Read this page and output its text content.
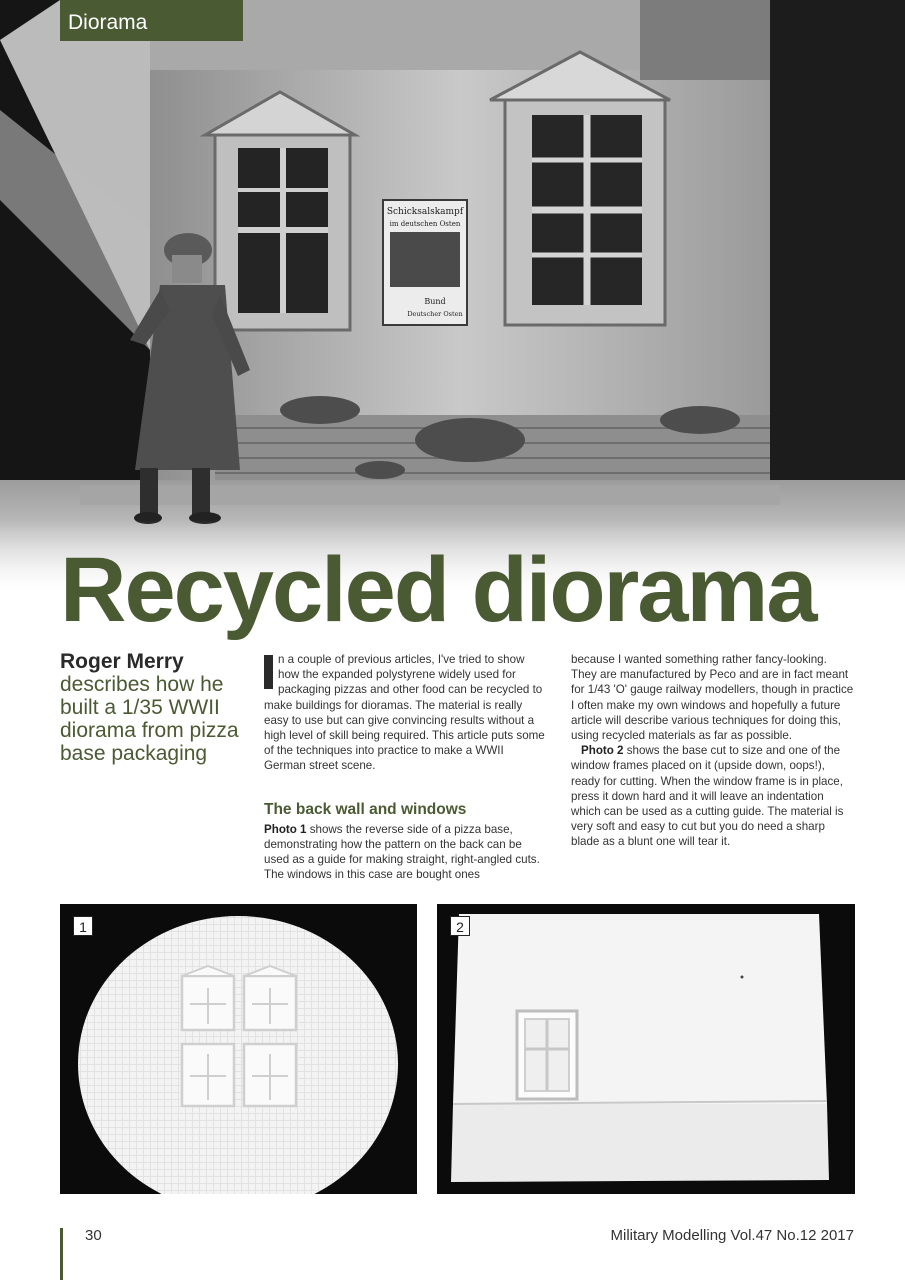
Schicksalskampf
im deutschen Osten
Bund
Deutscher Osten
Diorama
Recycled diorama
Roger Merry
describes how he built a 1/35 WWII diorama from pizza base packaging

n a couple of previous articles, I've tried to show how the expanded polystyrene widely used for packaging pizzas and other food can be recycled to make buildings for dioramas. The material is really easy to use but can give convincing results without a high level of skill being required. This article puts some of the techniques into practice to make a WWII German street scene.

The back wall and windows

Photo 1 shows the reverse side of a pizza base, demonstrating how the pattern on the back can be used as a guide for making straight, right-angled cuts. The windows in this case are bought ones

because I wanted something rather fancy-looking. They are manufactured by Peco and are in fact meant for 1/43 'O' gauge railway modellers, though in practice I often make my own windows and hopefully a future article will describe various techniques for doing this, using recycled materials as far as possible.

Photo 2 shows the base cut to size and one of the window frames placed on it (upside down, oops!), ready for cutting. When the window frame is in place, press it down hard and it will leave an indentation which can be used as a cutting guide. The material is very soft and easy to cut but you do need a sharp blade as a blunt one will tear it.

1	2
30	Military Modelling Vol.47 No.12 2017
